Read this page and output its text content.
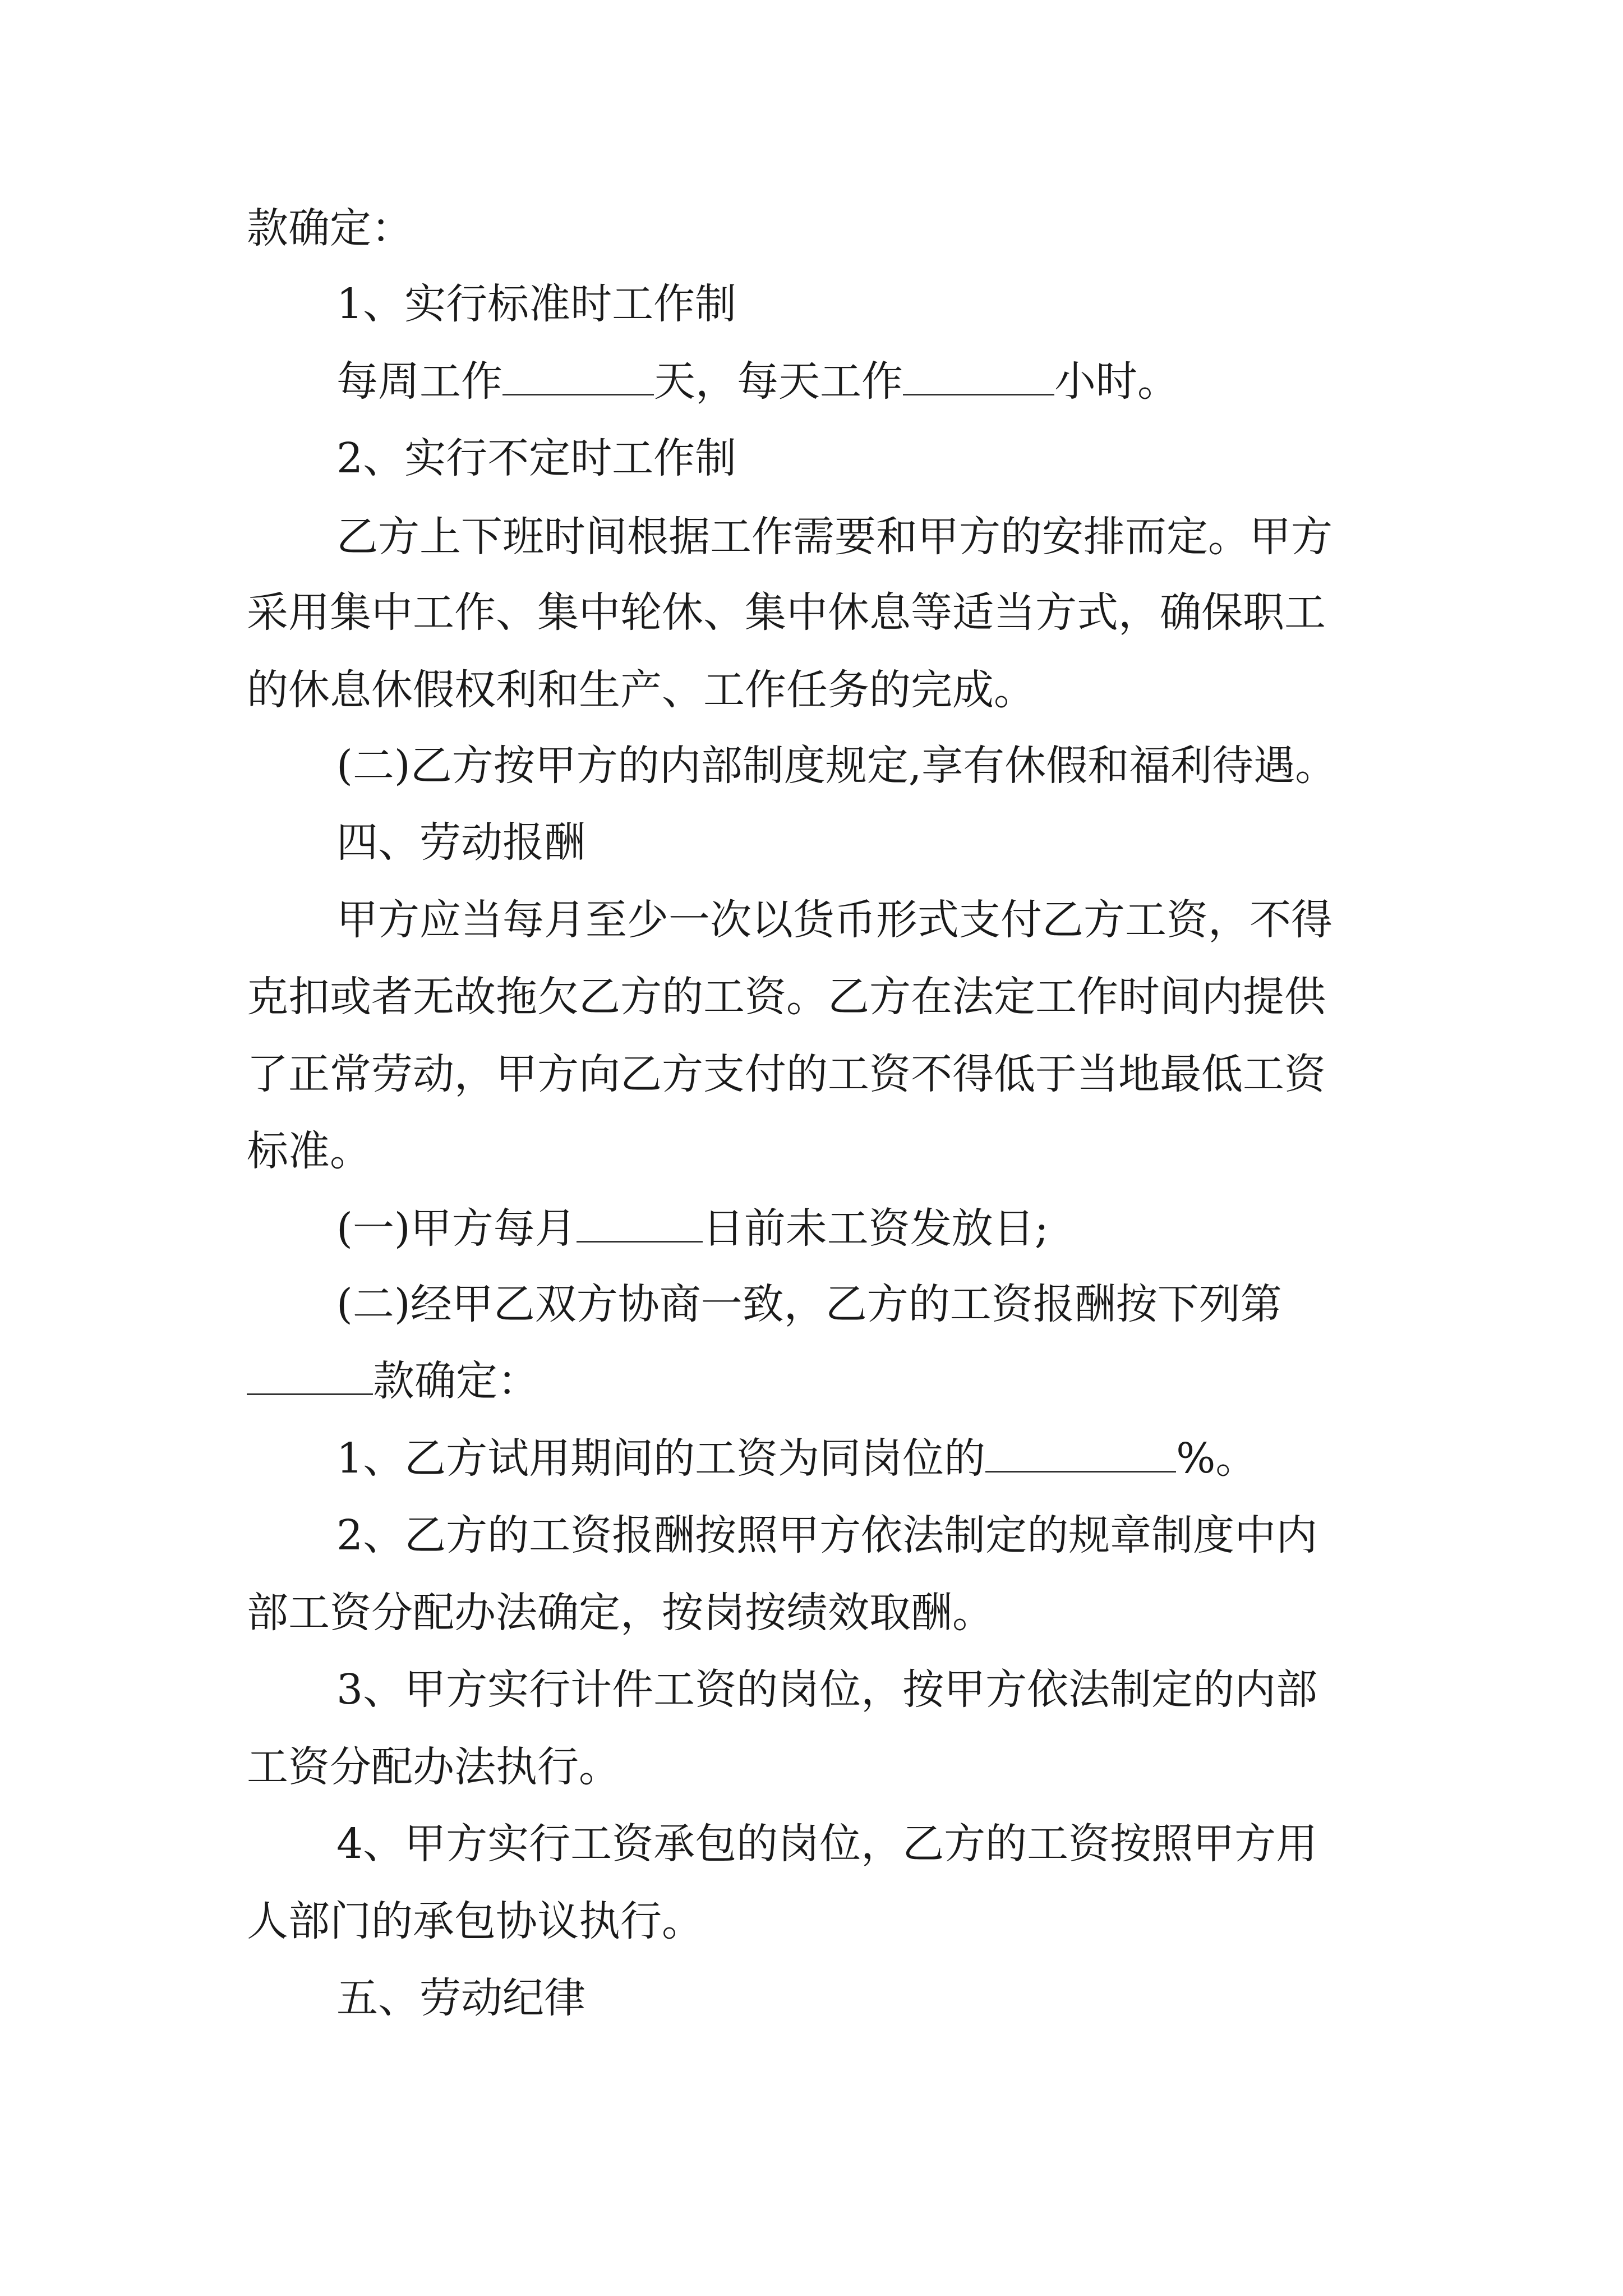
款确定：
1、实行标准时工作制
每周工作	天，每天工作	小时。
2、实行不定时工作制
乙方上下班时间根据工作需要和甲方的安排而定。甲方
采用集中工作、集中轮休、集中休息等适当方式，确保职工
的休息休假权利和生产、工作任务的完成。
(二)乙方按甲方的内部制度规定,享有休假和福利待遇。
四、劳动报酬
甲方应当每月至少一次以货币形式支付乙方工资，不得
克扣或者无故拖欠乙方的工资。乙方在法定工作时间内提供
了正常劳动，甲方向乙方支付的工资不得低于当地最低工资
标准。
(一)甲方每月	日前未工资发放日;
(二)经甲乙双方协商一致，乙方的工资报酬按下列第
款确定：
1、乙方试用期间的工资为同岗位的	%。
2、乙方的工资报酬按照甲方依法制定的规章制度中内
部工资分配办法确定，按岗按绩效取酬。
3、甲方实行计件工资的岗位，按甲方依法制定的内部
工资分配办法执行。
4、甲方实行工资承包的岗位，乙方的工资按照甲方用
人部门的承包协议执行。
五、劳动纪律
